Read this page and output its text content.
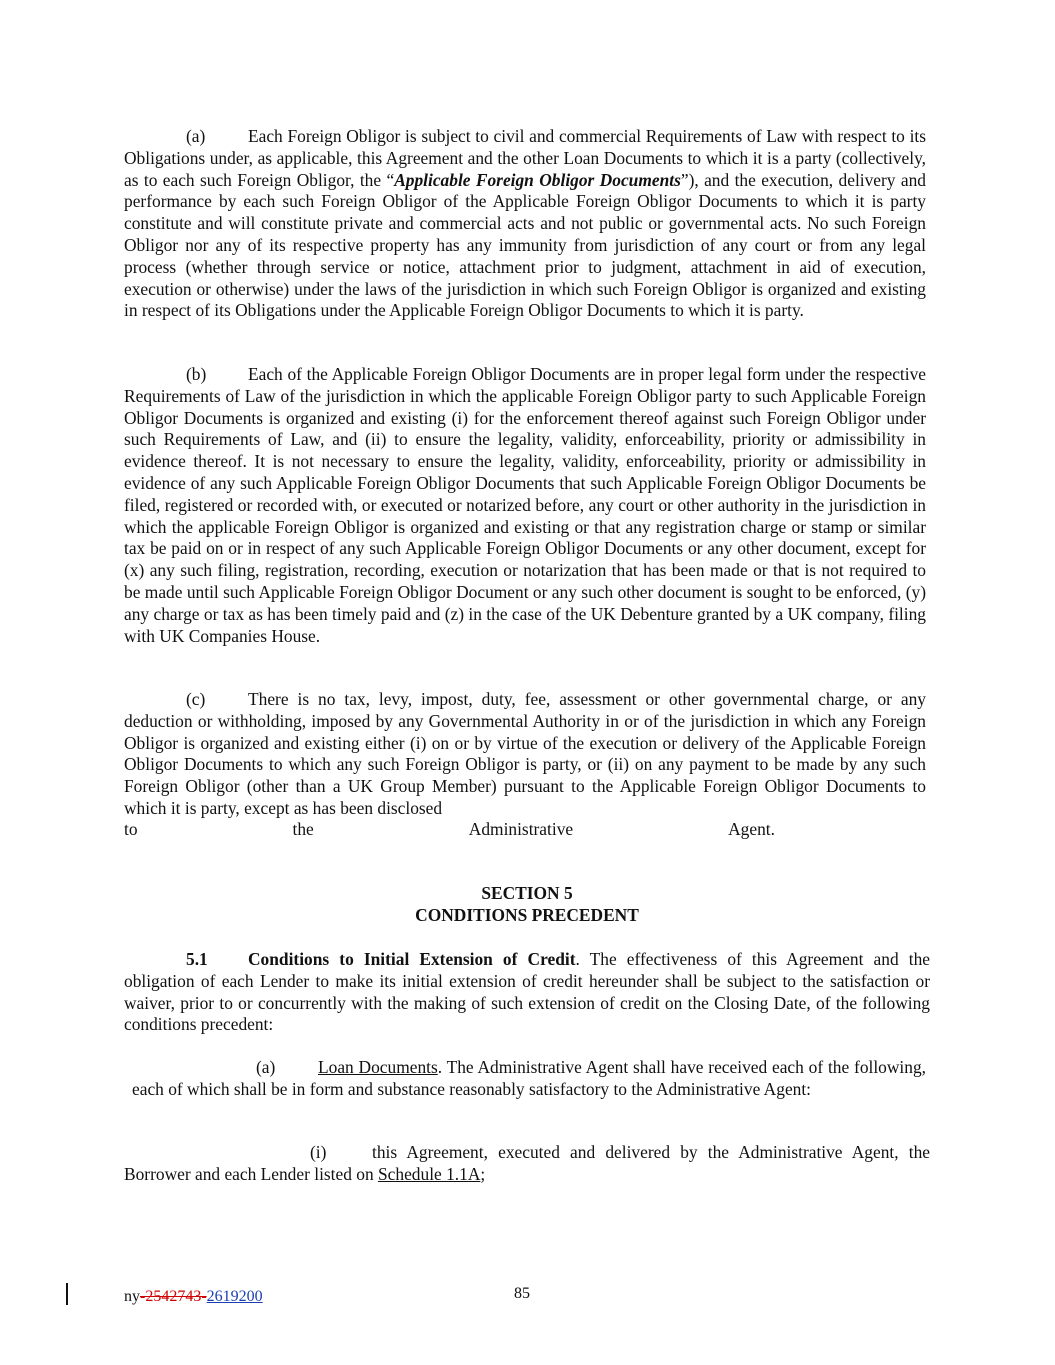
(a) Each Foreign Obligor is subject to civil and commercial Requirements of Law with respect to its Obligations under, as applicable, this Agreement and the other Loan Documents to which it is a party (collectively, as to each such Foreign Obligor, the “Applicable Foreign Obligor Documents”), and the execution, delivery and performance by each such Foreign Obligor of the Applicable Foreign Obligor Documents to which it is party constitute and will constitute private and commercial acts and not public or governmental acts. No such Foreign Obligor nor any of its respective property has any immunity from jurisdiction of any court or from any legal process (whether through service or notice, attachment prior to judgment, attachment in aid of execution, execution or otherwise) under the laws of the jurisdiction in which such Foreign Obligor is organized and existing in respect of its Obligations under the Applicable Foreign Obligor Documents to which it is party.

(b) Each of the Applicable Foreign Obligor Documents are in proper legal form under the respective Requirements of Law of the jurisdiction in which the applicable Foreign Obligor party to such Applicable Foreign Obligor Documents is organized and existing (i) for the enforcement thereof against such Foreign Obligor under such Requirements of Law, and (ii) to ensure the legality, validity, enforceability, priority or admissibility in evidence thereof. It is not necessary to ensure the legality, validity, enforceability, priority or admissibility in evidence of any such Applicable Foreign Obligor Documents that such Applicable Foreign Obligor Documents be filed, registered or recorded with, or executed or notarized before, any court or other authority in the jurisdiction in which the applicable Foreign Obligor is organized and existing or that any registration charge or stamp or similar tax be paid on or in respect of any such Applicable Foreign Obligor Documents or any other document, except for (x) any such filing, registration, recording, execution or notarization that has been made or that is not required to be made until such Applicable Foreign Obligor Document or any such other document is sought to be enforced, (y) any charge or tax as has been timely paid and (z) in the case of the UK Debenture granted by a UK company, filing with UK Companies House.

(c) There is no tax, levy, impost, duty, fee, assessment or other governmental charge, or any deduction or withholding, imposed by any Governmental Authority in or of the jurisdiction in which any Foreign Obligor is organized and existing either (i) on or by virtue of the execution or delivery of the Applicable Foreign Obligor Documents to which any such Foreign Obligor is party, or (ii) on any payment to be made by any such Foreign Obligor (other than a UK Group Member) pursuant to the Applicable Foreign Obligor Documents to which it is party, except as has been disclosed

to	the	Administrative	Agent.

SECTION 5

CONDITIONS PRECEDENT

5.1 Conditions to Initial Extension of Credit. The effectiveness of this Agreement and the obligation of each Lender to make its initial extension of credit hereunder shall be subject to the satisfaction or waiver, prior to or concurrently with the making of such extension of credit on the Closing Date, of the following conditions precedent:

(a) Loan Documents. The Administrative Agent shall have received each of the following, each of which shall be in form and substance reasonably satisfactory to the Administrative Agent:

(i)	this Agreement, executed and delivered by the Administrative Agent, the Borrower and each Lender listed on Schedule 1.1A;

ny-2542743-2619200	85
